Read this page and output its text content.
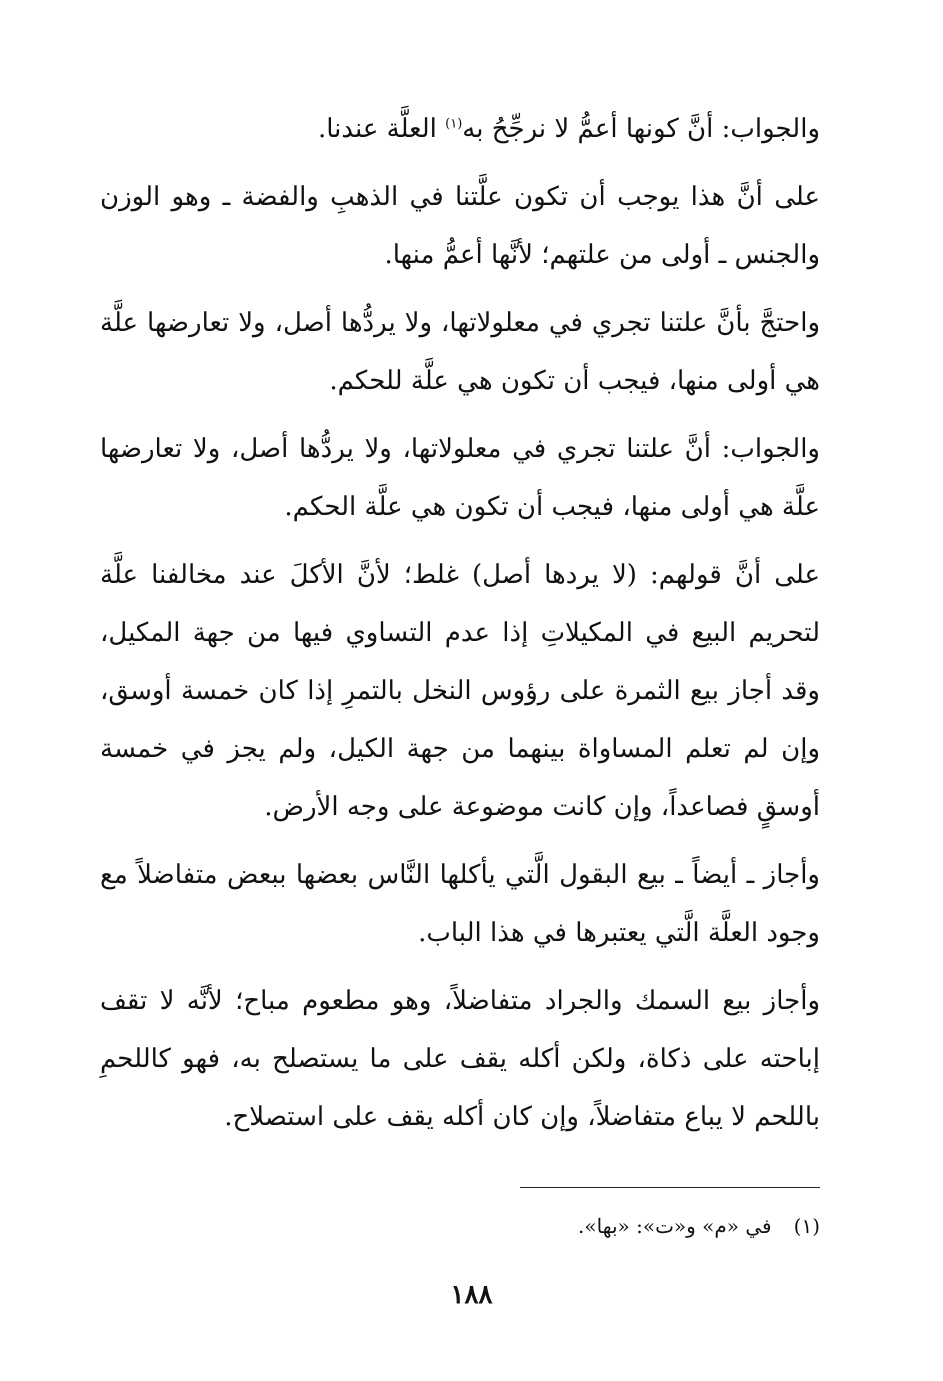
والجواب: أنَّ كونها أعمُّ لا نرجِّحُ به$^{(١)}$ العلَّة عندنا.

على أنَّ هذا يوجب أن تكون علَّتنا في الذهبِ والفضة ـ وهو الوزن والجنس ـ أولى من علتهم؛ لأنَّها أعمُّ منها.

واحتجَّ بأنَّ علتنا تجري في معلولاتها، ولا يردُّها أصل، ولا تعارضها علَّة هي أولى منها، فيجب أن تكون هي علَّة للحكم.

والجواب: أنَّ علتنا تجري في معلولاتها، ولا يردُّها أصل، ولا تعارضها علَّة هي أولى منها، فيجب أن تكون هي علَّة الحكم.

على أنَّ قولهم: (لا يردها أصل) غلط؛ لأنَّ الأكلَ عند مخالفنا علَّة لتحريم البيع في المكيلاتِ إذا عدم التساوي فيها من جهة المكيل، وقد أجاز بيع الثمرة على رؤوس النخل بالتمرِ إذا كان خمسة أوسق، وإن لم تعلم المساواة بينهما من جهة الكيل، ولم يجز في خمسة أوسقٍ فصاعداً، وإن كانت موضوعة على وجه الأرض.

وأجاز ـ أيضاً ـ بيع البقول الَّتي يأكلها النَّاس بعضها ببعض متفاضلاً مع وجود العلَّة الَّتي يعتبرها في هذا الباب.

وأجاز بيع السمك والجراد متفاضلاً، وهو مطعوم مباح؛ لأنَّه لا تقف إباحته على ذكاة، ولكن أكله يقف على ما يستصلح به، فهو كاللحمِ باللحم لا يباع متفاضلاً، وإن كان أكله يقف على استصلاح.

(١)في «م» و«ت»: «بها».
١٨٨
